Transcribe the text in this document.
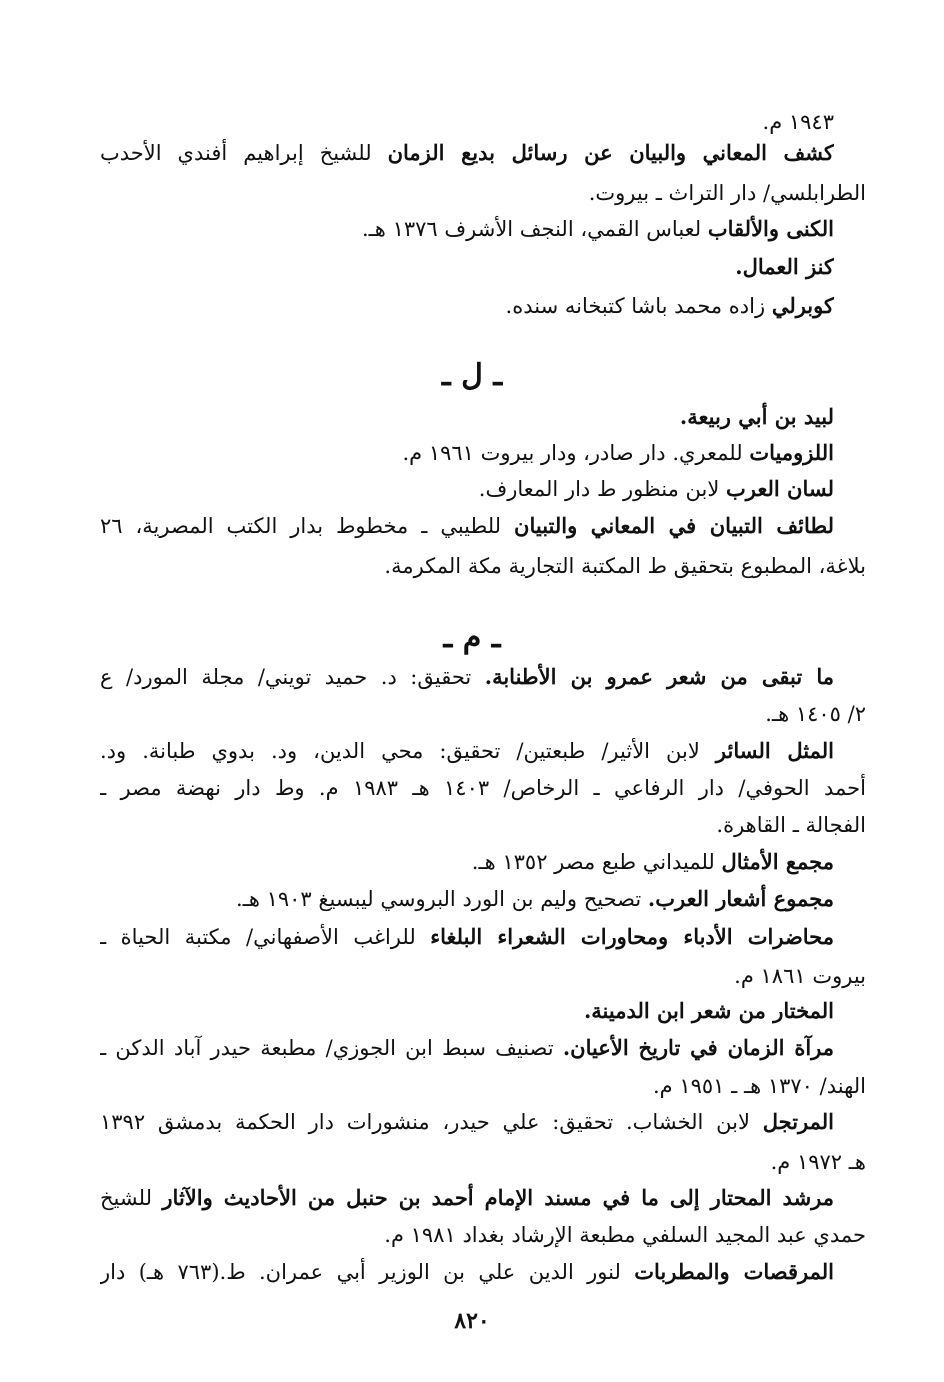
١٩٤٣ م.
كشف المعاني والبيان عن رسائل بديع الزمان للشيخ إبراهيم أفندي الأحدب
الطرابلسي/ دار التراث ـ بيروت.
الكنى والألقاب لعباس القمي، النجف الأشرف ١٣٧٦ هـ.
كنز العمال.
كوبرلي زاده محمد باشا كتبخانه سنده.
ـ ل ـ
لبيد بن أبي ربيعة.
اللزوميات للمعري. دار صادر، ودار بيروت ١٩٦١ م.
لسان العرب لابن منظور ط دار المعارف.
لطائف التبيان في المعاني والتبيان للطيبي ـ مخطوط بدار الكتب المصرية، ٢٦
بلاغة، المطبوع بتحقيق ط المكتبة التجارية مكة المكرمة.
ـ م ـ
ما تبقى من شعر عمرو بن الأطنابة. تحقيق: د. حميد تويني/ مجلة المورد/ ع
٢/ ١٤٠٥ هـ.
المثل السائر لابن الأثير/ طبعتين/ تحقيق: محي الدين، ود. بدوي طبانة. ود.
أحمد الحوفي/ دار الرفاعي ـ الرخاص/ ١٤٠٣ هـ ١٩٨٣ م. وط دار نهضة مصر ـ
الفجالة ـ القاهرة.
مجمع الأمثال للميداني طبع مصر ١٣٥٢ هـ.
مجموع أشعار العرب. تصحيح وليم بن الورد البروسي ليبسيغ ١٩٠٣ هـ.
محاضرات الأدباء ومحاورات الشعراء البلغاء للراغب الأصفهاني/ مكتبة الحياة ـ
بيروت ١٨٦١ م.
المختار من شعر ابن الدمينة.
مرآة الزمان في تاريخ الأعيان. تصنيف سبط ابن الجوزي/ مطبعة حيدر آباد الدكن ـ
الهند/ ١٣٧٠ هـ ـ ١٩٥١ م.
المرتجل لابن الخشاب. تحقيق: علي حيدر، منشورات دار الحكمة بدمشق ١٣٩٢
هـ ١٩٧٢ م.
مرشد المحتار إلى ما في مسند الإمام أحمد بن حنبل من الأحاديث والآثار للشيخ
حمدي عبد المجيد السلفي مطبعة الإرشاد بغداد ١٩٨١ م.
المرقصات والمطربات لنور الدين علي بن الوزير أبي عمران. ط.(٧٦٣ هـ) دار
٨٢٠
